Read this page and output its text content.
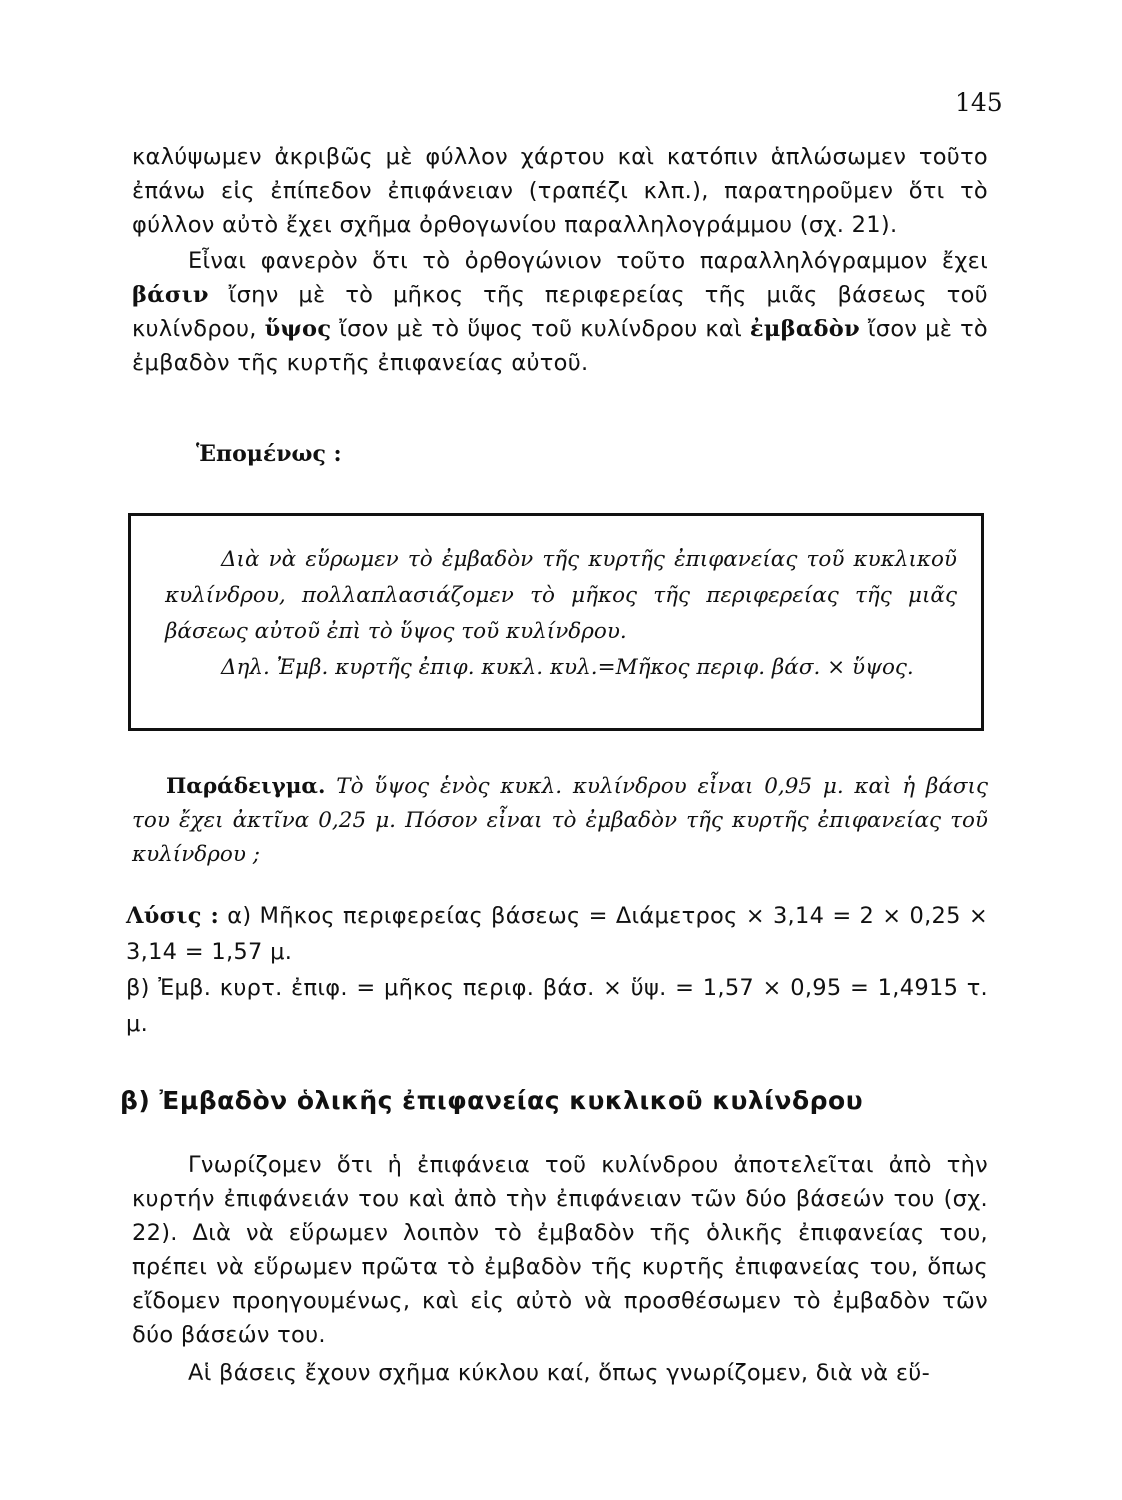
145

καλύψωμεν ἀκριβῶς μὲ φύλλον χάρτου καὶ κατόπιν ἁπλώσωμεν τοῦτο ἐπάνω εἰς ἐπίπεδον ἐπιφάνειαν (τραπέζι κλπ.), παρατηροῦμεν ὅτι τὸ φύλλον αὐτὸ ἔχει σχῆμα ὀρθογωνίου παραλληλογράμμου (σχ. 21).

Εἶναι φανερὸν ὅτι τὸ ὀρθογώνιον τοῦτο παραλληλόγραμμον ἔχει βάσιν ἴσην μὲ τὸ μῆκος τῆς περιφερείας τῆς μιᾶς βάσεως τοῦ κυλίνδρου, ὕψος ἴσον μὲ τὸ ὕψος τοῦ κυλίνδρου καὶ ἐμβαδὸν ἴσον μὲ τὸ ἐμβαδὸν τῆς κυρτῆς ἐπιφανείας αὐτοῦ.

Ἑπομένως :

Διὰ νὰ εὕρωμεν τὸ ἐμβαδὸν τῆς κυρτῆς ἐπιφανείας τοῦ κυκλικοῦ κυλίνδρου, πολλαπλασιάζομεν τὸ μῆκος τῆς περιφερείας τῆς μιᾶς βάσεως αὐτοῦ ἐπὶ τὸ ὕψος τοῦ κυλίνδρου.

Δηλ. Ἐμβ. κυρτῆς ἐπιφ. κυκλ. κυλ.=Μῆκος περιφ. βάσ. × ὕψος.

Παράδειγμα. Τὸ ὕψος ἑνὸς κυκλ. κυλίνδρου εἶναι 0,95 μ. καὶ ἡ βάσις του ἔχει ἀκτῖνα 0,25 μ. Πόσον εἶναι τὸ ἐμβαδὸν τῆς κυρτῆς ἐπιφανείας τοῦ κυλίνδρου ;

Λύσις : α) Μῆκος περιφερείας βάσεως = Διάμετρος × 3,14 = 2 × 0,25 × 3,14 = 1,57 μ.

β) Ἐμβ. κυρτ. ἐπιφ. = μῆκος περιφ. βάσ. × ὕψ. = 1,57 × 0,95 = 1,4915 τ. μ.

β) Ἐμβαδὸν ὁλικῆς ἐπιφανείας κυκλικοῦ κυλίνδρου

Γνωρίζομεν ὅτι ἡ ἐπιφάνεια τοῦ κυλίνδρου ἀποτελεῖται ἀπὸ τὴν κυρτήν ἐπιφάνειάν του καὶ ἀπὸ τὴν ἐπιφάνειαν τῶν δύο βάσεών του (σχ. 22). Διὰ νὰ εὕρωμεν λοιπὸν τὸ ἐμβαδὸν τῆς ὁλικῆς ἐπιφανείας του, πρέπει νὰ εὕρωμεν πρῶτα τὸ ἐμβαδὸν τῆς κυρτῆς ἐπιφανείας του, ὅπως εἴδομεν προηγουμένως, καὶ εἰς αὐτὸ νὰ προσθέσωμεν τὸ ἐμβαδὸν τῶν δύο βάσεών του.

Αἱ βάσεις ἔχουν σχῆμα κύκλου καί, ὅπως γνωρίζομεν, διὰ νὰ εὕ-
